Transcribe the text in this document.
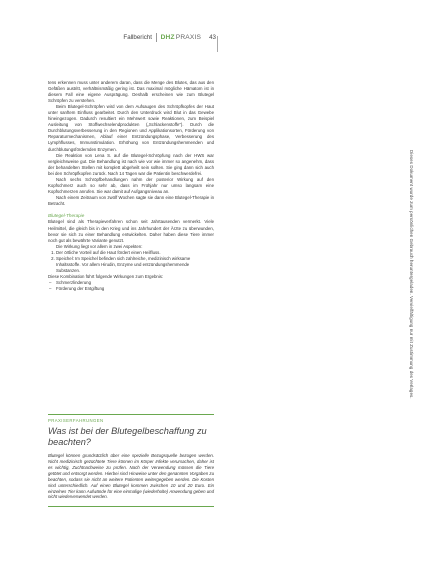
Fallbericht DHZ PRAXIS 43

tens erkennen muss unter anderem daran, dass die Menge des Blutes, das aus den Gefäßen austritt, verhältnismäßig gering ist. Das maximal mögliche Hämatom ist in diesem Fall eine eigene Ausprägung. Deshalb erscheinen wie zum Blutegel Schröpfen zu verstehen.

Beim Blutegel-Schröpfen wird von dem Aufsaugen des Schröpfkopfes der Haut unter sanftem Einfluss gearbeitet. Durch den Unterdruck wird Blut in das Gewebe hineingezogen. Dadurch resultiert ein Mehrwert sowie Reaktionen, zum Beispiel Ausleitung von Stoffwechselendprodukten („Schlackenstoffe“). Durch die Durchblutungsverbesserung in den Regionen und Applikationsorten, Förderung von Reparaturmechanismen, Ablauf einer Entzündungsphase, Verbesserung des Lymphflusses, Immunstimulation. Erhöhung von Entzündungshemmenden und durchblutungsfördernden Enzymen.

Die Reaktion von Lena S. auf die Blutegel-Schröpfung nach der HWS war vergleichsweise gut. Die Behandlung ist nach wie vor wie immer so angenehm, dass der behandelten Stellen mit komplett abgeheilt sein sollten. Sie ging dann sich auch bei den Schröpfkopfen zurück. Nach 14 Tagen war die Patientin beschwerdefrei.

Nach sechs Schröpfbehandlungen nahm der posterior Wirkung auf den Kopfschmerz auch so sehr ab, dass im Frühjahr nur umso langsam eine Kopfschmerzen anrufen. Sie war damit auf Aufgangsniveau an.

Nach einem Zeitraum von zwölf Wochen sagte sie dann eine Blutegel-Therapie in Betracht.

Blutegel-Therapie

Blutegel sind als Therapieverfahren schon seit Jahrtausenden vermerkt. Viele Heilmittel, die gleich bis in den Krieg und ins Jahrhundert der Ärzte zu überwunden, bevor sie sich zu einer Behandlung entwickelten. Daher haben diese Tiere immer noch gut als bewährte Variante genutzt.

Die Wirkung liegt vor allem in zwei Aspekten:

1. Der örtliche Vorteil auf die Haut fördert einen Heilfluss.
2. Speichel: Im Speichel befinden sich zahlreiche, medizinisch wirksame Inhaltsstoffe. Vor allem Hirudin, Enzyme und entzündungshemmende Substanzen.

Diese Kombination führt folgende Wirkungen zum Ergebnis:

– Schmerzlinderung
– Förderung der Entgiftung
PRAXISERFAHRUNGEN
Was ist bei der Blutegelbeschaffung zu beachten?
Blutegel können grundsätzlich über eine spezielle Bezugsquelle bezogen werden. Nicht medizinisch gezüchtete Tiere können im Körper Infekte verursachen, daher ist es wichtig, Zuchtnachweise zu prüfen. Nach der Verwendung müssen die Tiere getötet und entsorgt werden. Hierbei sind Hinweise unter den genannten Vorgaben zu beachten, sodass sie nicht an weitere Patienten weitergegeben werden. Die Kosten sind unterschiedlich. Auf einen Blutegel kommen zwischen 10 und 20 Euro. Ein einzelnes Tier kann Aufwände für eine einmalige (wiederholte) Anwendung geben und nicht wiederverwendet werden.
Dieses Dokument wurde zum persönlichen Gebrauch heruntergeladen. Vervielfältigung nur mit Zustimmung des Verlages.
